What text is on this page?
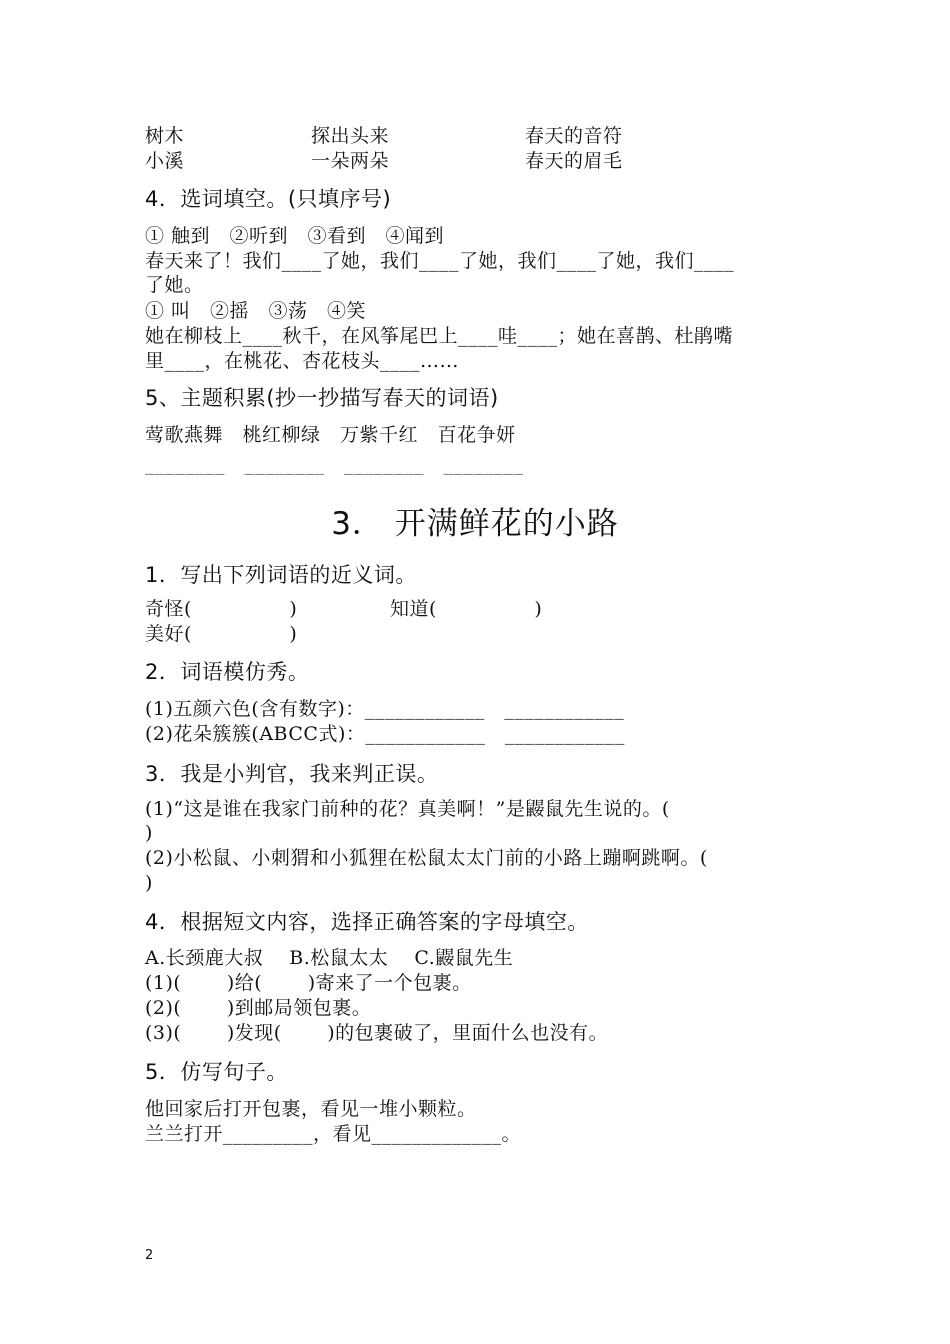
树木	探出头来	春天的音符
小溪	一朵两朵	春天的眉毛
4．选词填空。(只填序号)
① 触到　②听到　③看到　④闻到
春天来了！我们____了她，我们____了她，我们____了她，我们____
了她。
① 叫　②摇　③荡　④笑
她在柳枝上____秋千，在风筝尾巴上____哇____；她在喜鹊、杜鹃嘴
里____，在桃花、杏花枝头____……
5、主题积累(抄一抄描写春天的词语)
莺歌燕舞　桃红柳绿　万紫千红　百花争妍
________　________　________　________
3． 开满鲜花的小路
1．写出下列词语的近义词。
奇怪(　　　　　)	知道(　　　　　)
美好(　　　　　)
2．词语模仿秀。
(1)五颜六色(含有数字)：____________　____________
(2)花朵簇簇(ABCC式)：____________　____________
3．我是小判官，我来判正误。
(1)“这是谁在我家门前种的花？真美啊！”是鼹鼠先生说的。(
)
(2)小松鼠、小刺猬和小狐狸在松鼠太太门前的小路上蹦啊跳啊。(
)
4．根据短文内容，选择正确答案的字母填空。
A.长颈鹿大叔　 B.松鼠太太　 C.鼹鼠先生
(1)(　　 )给(　　 )寄来了一个包裹。
(2)(　　 )到邮局领包裹。
(3)(　　 )发现(　　 )的包裹破了，里面什么也没有。
5．仿写句子。
他回家后打开包裹，看见一堆小颗粒。
兰兰打开_________，看见_____________。
2
